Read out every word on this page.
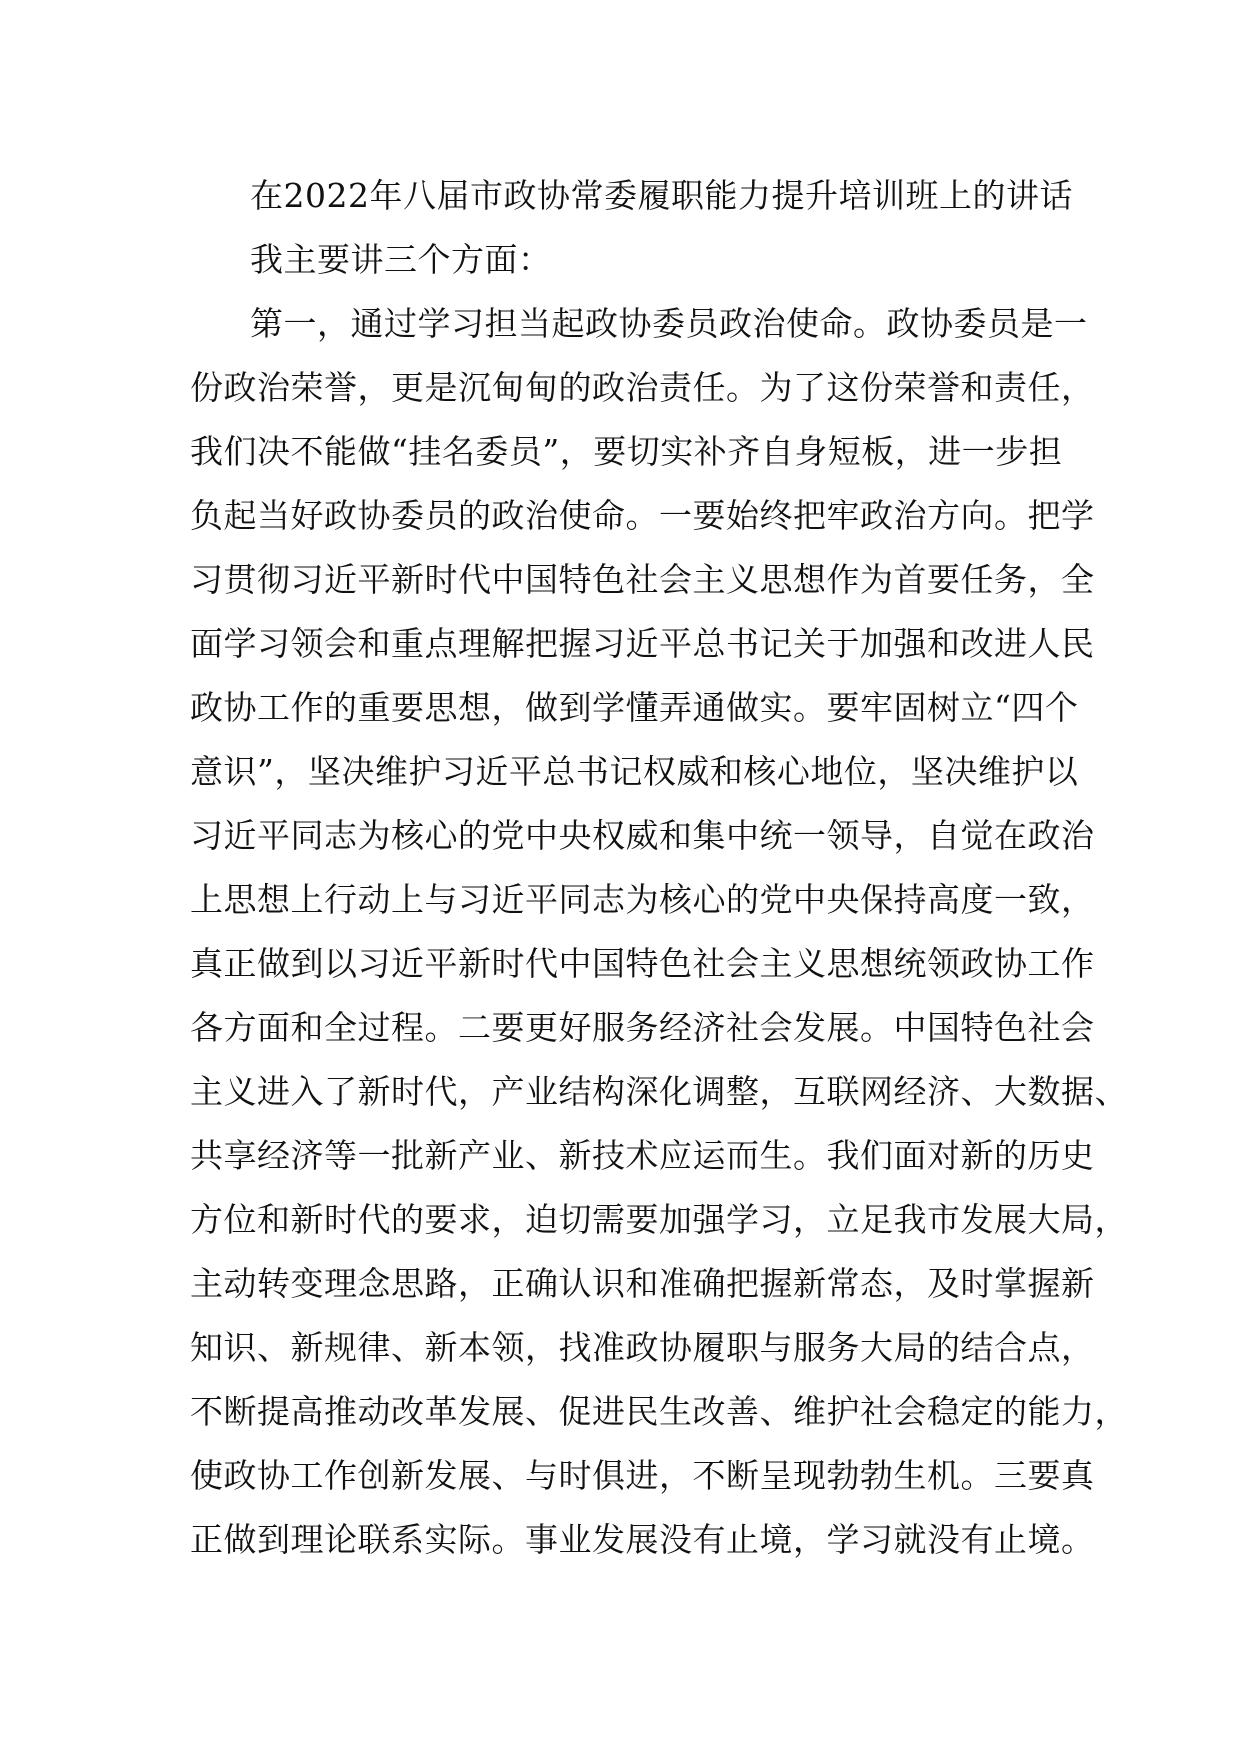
在2022年八届市政协常委履职能力提升培训班上的讲话
我主要讲三个方面：
第一，通过学习担当起政协委员政治使命。政协委员是一
份政治荣誉，更是沉甸甸的政治责任。为了这份荣誉和责任，
我们决不能做“挂名委员”，要切实补齐自身短板，进一步担
负起当好政协委员的政治使命。一要始终把牢政治方向。把学
习贯彻习近平新时代中国特色社会主义思想作为首要任务，全
面学习领会和重点理解把握习近平总书记关于加强和改进人民
政协工作的重要思想，做到学懂弄通做实。要牢固树立“四个
意识”，坚决维护习近平总书记权威和核心地位，坚决维护以
习近平同志为核心的党中央权威和集中统一领导，自觉在政治
上思想上行动上与习近平同志为核心的党中央保持高度一致，
真正做到以习近平新时代中国特色社会主义思想统领政协工作
各方面和全过程。二要更好服务经济社会发展。中国特色社会
主义进入了新时代，产业结构深化调整，互联网经济、大数据、
共享经济等一批新产业、新技术应运而生。我们面对新的历史
方位和新时代的要求，迫切需要加强学习，立足我市发展大局，
主动转变理念思路，正确认识和准确把握新常态，及时掌握新
知识、新规律、新本领，找准政协履职与服务大局的结合点，
不断提高推动改革发展、促进民生改善、维护社会稳定的能力，
使政协工作创新发展、与时俱进，不断呈现勃勃生机。三要真
正做到理论联系实际。事业发展没有止境，学习就没有止境。
